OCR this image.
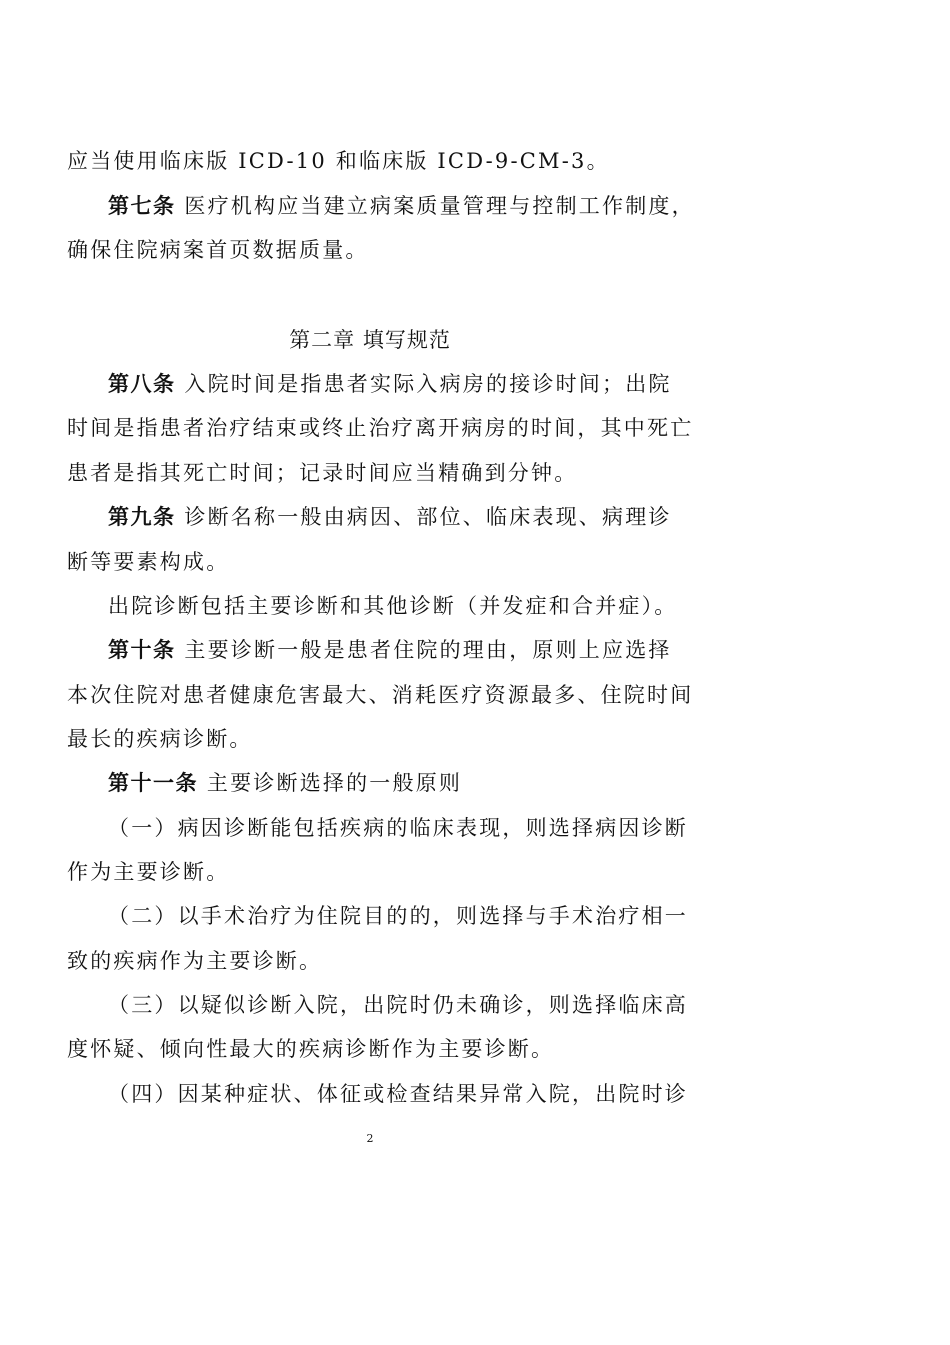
应当使用临床版 ICD-10 和临床版 ICD-9-CM-3。
第七条 医疗机构应当建立病案质量管理与控制工作制度，
确保住院病案首页数据质量。
第二章 填写规范
第八条 入院时间是指患者实际入病房的接诊时间；出院
时间是指患者治疗结束或终止治疗离开病房的时间，其中死亡
患者是指其死亡时间；记录时间应当精确到分钟。
第九条 诊断名称一般由病因、部位、临床表现、病理诊
断等要素构成。
出院诊断包括主要诊断和其他诊断（并发症和合并症）。
第十条 主要诊断一般是患者住院的理由，原则上应选择
本次住院对患者健康危害最大、消耗医疗资源最多、住院时间
最长的疾病诊断。
第十一条 主要诊断选择的一般原则
（一）病因诊断能包括疾病的临床表现，则选择病因诊断
作为主要诊断。
（二）以手术治疗为住院目的的，则选择与手术治疗相一
致的疾病作为主要诊断。
（三）以疑似诊断入院，出院时仍未确诊，则选择临床高
度怀疑、倾向性最大的疾病诊断作为主要诊断。
（四）因某种症状、体征或检查结果异常入院，出院时诊
2
